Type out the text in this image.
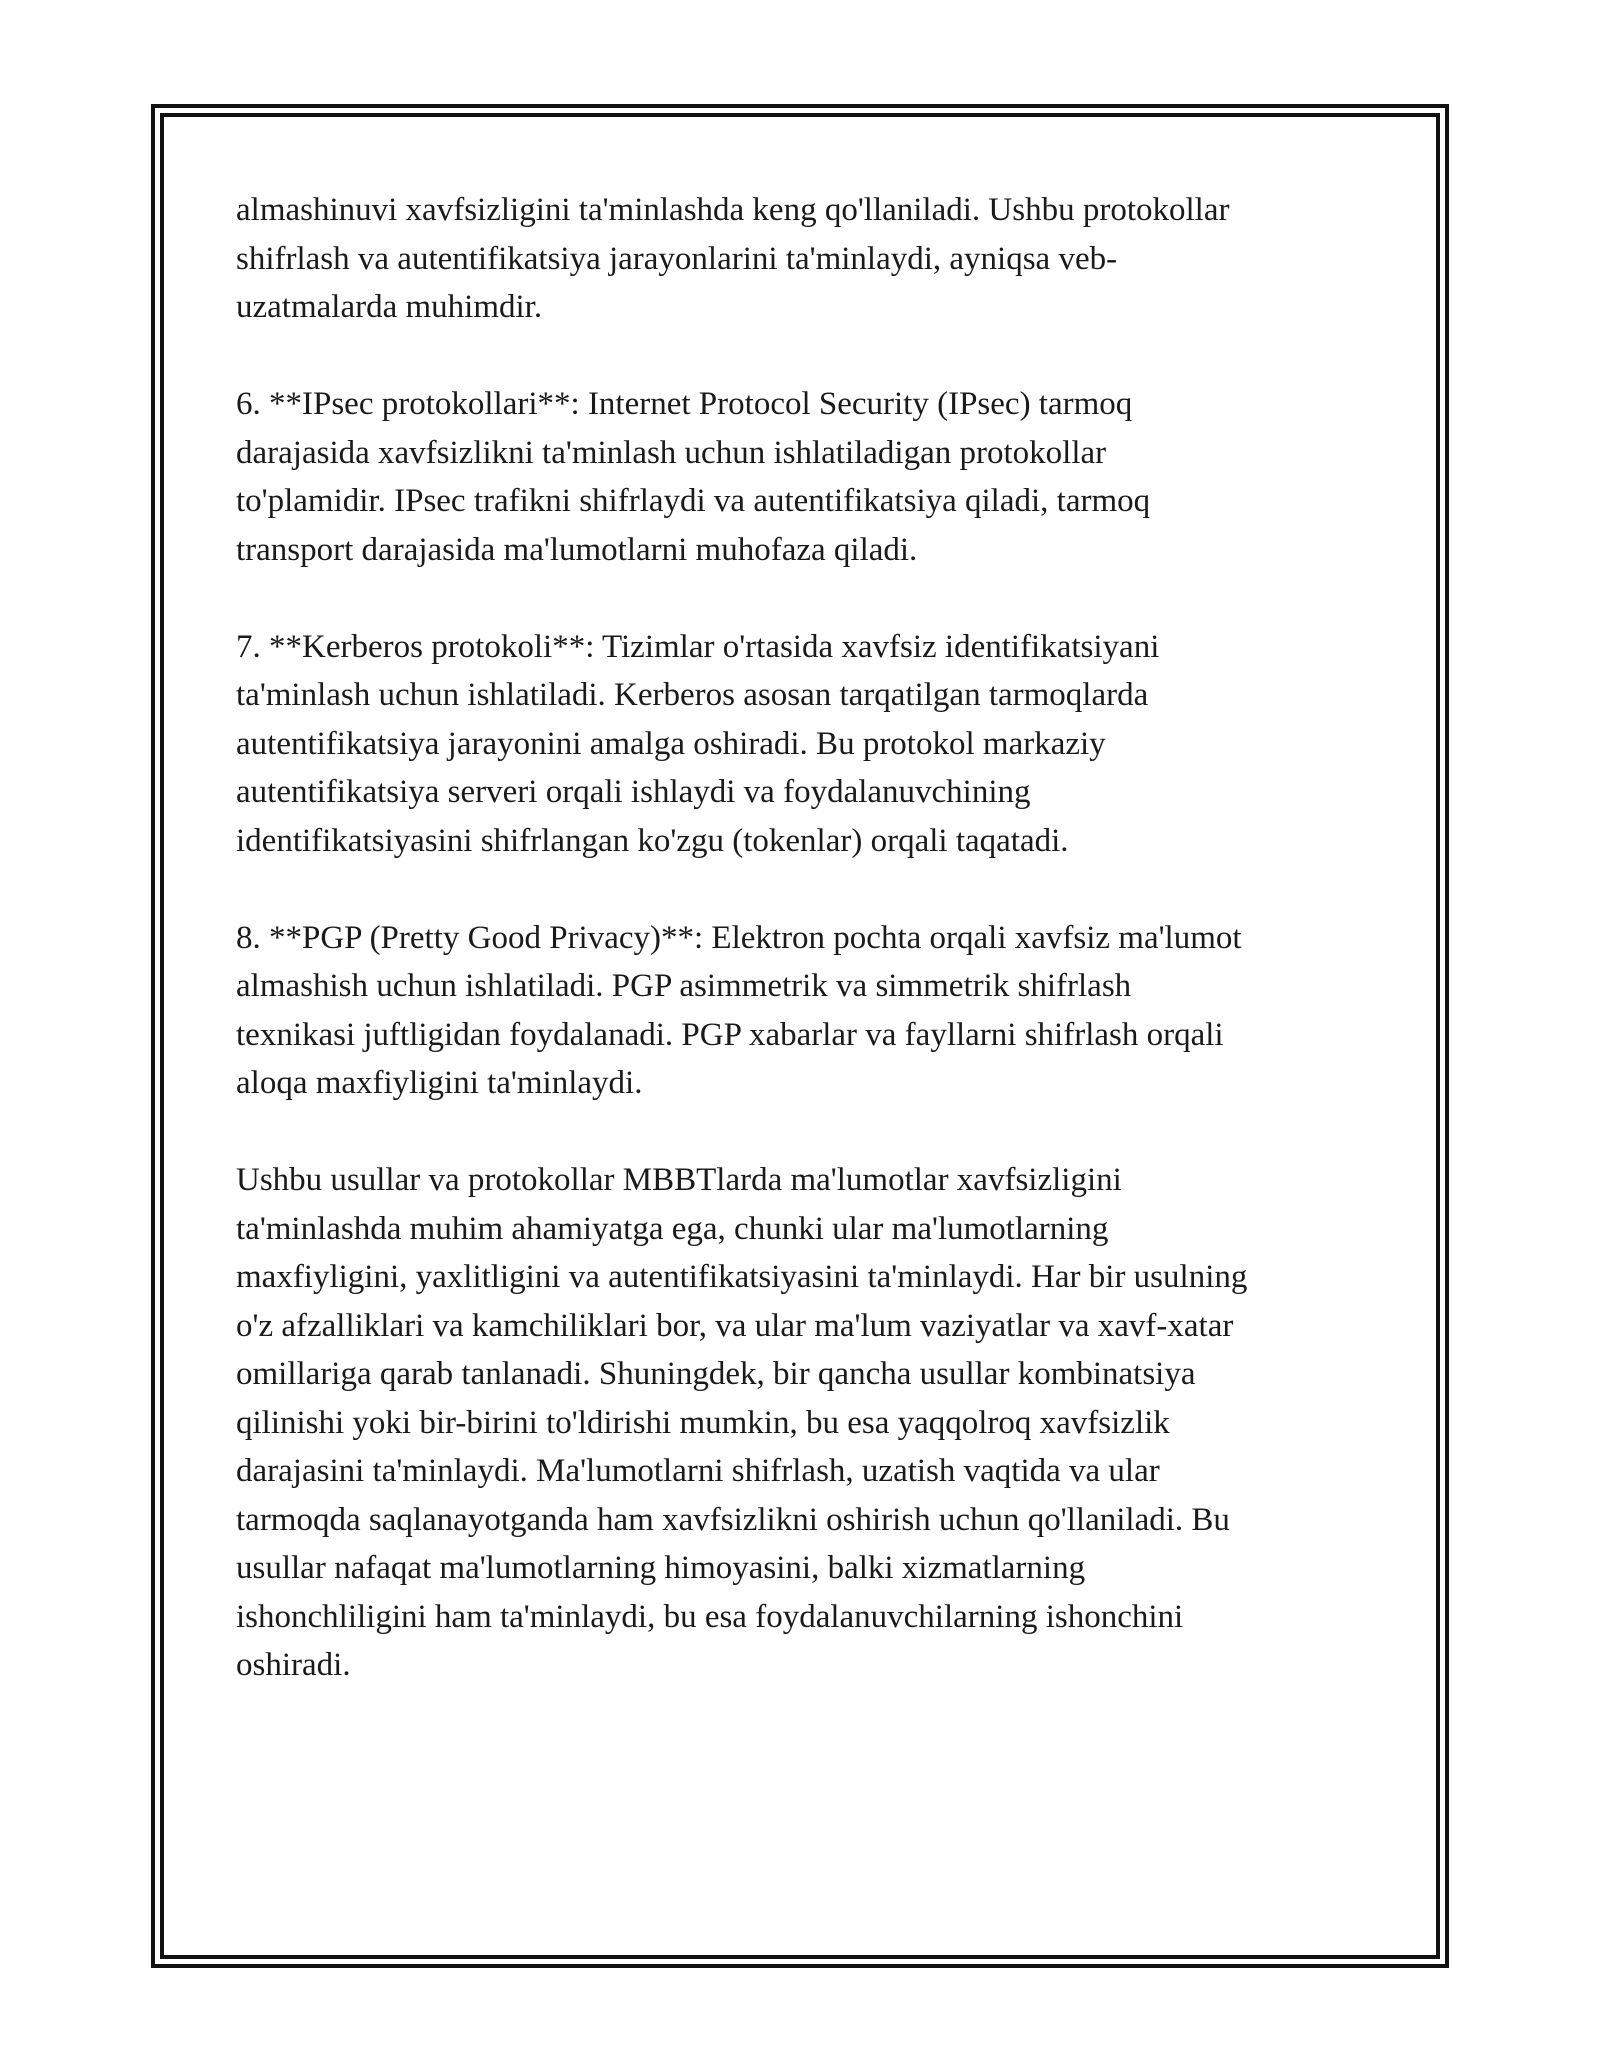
almashinuvi xavfsizligini ta'minlashda keng qo'llaniladi. Ushbu protokollar
shifrlash va autentifikatsiya jarayonlarini ta'minlaydi, ayniqsa veb-
uzatmalarda muhimdir.
6. **IPsec protokollari**: Internet Protocol Security (IPsec) tarmoq
darajasida xavfsizlikni ta'minlash uchun ishlatiladigan protokollar
to'plamidir. IPsec trafikni shifrlaydi va autentifikatsiya qiladi, tarmoq
transport darajasida ma'lumotlarni muhofaza qiladi.
7. **Kerberos protokoli**: Tizimlar o'rtasida xavfsiz identifikatsiyani
ta'minlash uchun ishlatiladi. Kerberos asosan tarqatilgan tarmoqlarda
autentifikatsiya jarayonini amalga oshiradi. Bu protokol markaziy
autentifikatsiya serveri orqali ishlaydi va foydalanuvchining
identifikatsiyasini shifrlangan ko'zgu (tokenlar) orqali taqatadi.
8. **PGP (Pretty Good Privacy)**: Elektron pochta orqali xavfsiz ma'lumot
almashish uchun ishlatiladi. PGP asimmetrik va simmetrik shifrlash
texnikasi juftligidan foydalanadi. PGP xabarlar va fayllarni shifrlash orqali
aloqa maxfiyligini ta'minlaydi.
Ushbu usullar va protokollar MBBTlarda ma'lumotlar xavfsizligini
ta'minlashda muhim ahamiyatga ega, chunki ular ma'lumotlarning
maxfiyligini, yaxlitligini va autentifikatsiyasini ta'minlaydi. Har bir usulning
o'z afzalliklari va kamchiliklari bor, va ular ma'lum vaziyatlar va xavf-xatar
omillariga qarab tanlanadi. Shuningdek, bir qancha usullar kombinatsiya
qilinishi yoki bir-birini to'ldirishi mumkin, bu esa yaqqolroq xavfsizlik
darajasini ta'minlaydi. Ma'lumotlarni shifrlash, uzatish vaqtida va ular
tarmoqda saqlanayotganda ham xavfsizlikni oshirish uchun qo'llaniladi. Bu
usullar nafaqat ma'lumotlarning himoyasini, balki xizmatlarning
ishonchliligini ham ta'minlaydi, bu esa foydalanuvchilarning ishonchini
oshiradi.
